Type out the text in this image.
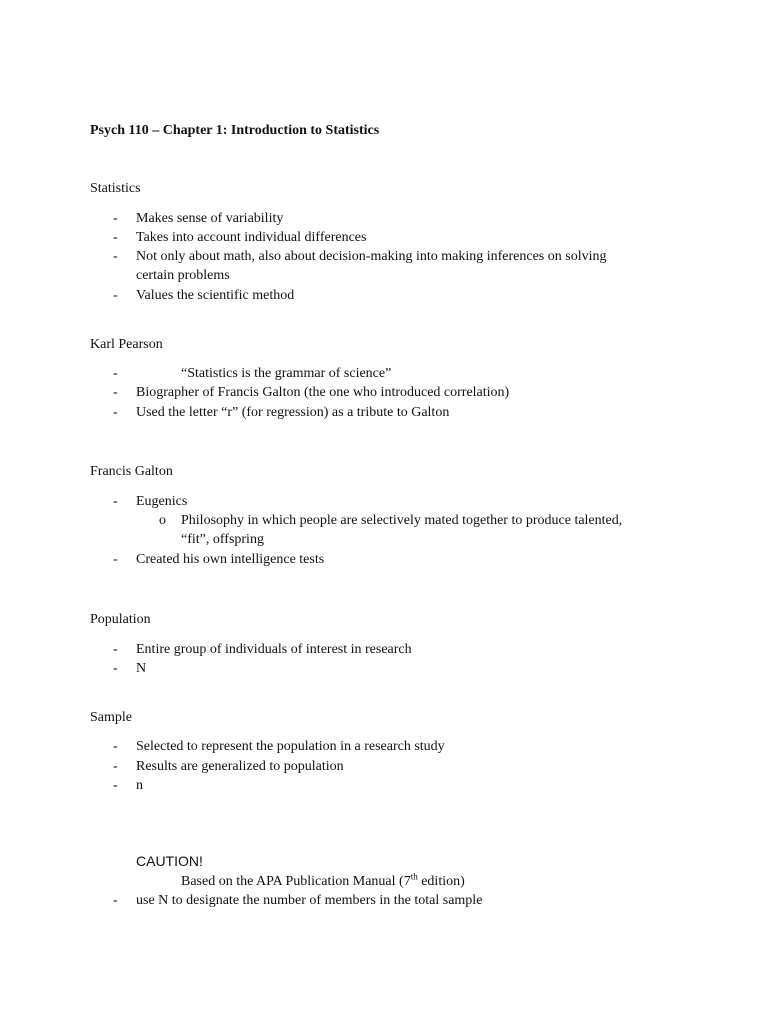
Psych 110 – Chapter 1: Introduction to Statistics
Statistics
- Makes sense of variability
- Takes into account individual differences
- Not only about math, also about decision-making into making inferences on solving
certain problems
- Values the scientific method
Karl Pearson
-	“Statistics is the grammar of science”
- Biographer of Francis Galton (the one who introduced correlation)
- Used the letter “r” (for regression) as a tribute to Galton
Francis Galton
- Eugenics
o Philosophy in which people are selectively mated together to produce talented,
“fit”, offspring
- Created his own intelligence tests
Population
- Entire group of individuals of interest in research
- N
Sample
- Selected to represent the population in a research study
- Results are generalized to population
- n
CAUTION!
Based on the APA Publication Manual (7th edition)
- use N to designate the number of members in the total sample
